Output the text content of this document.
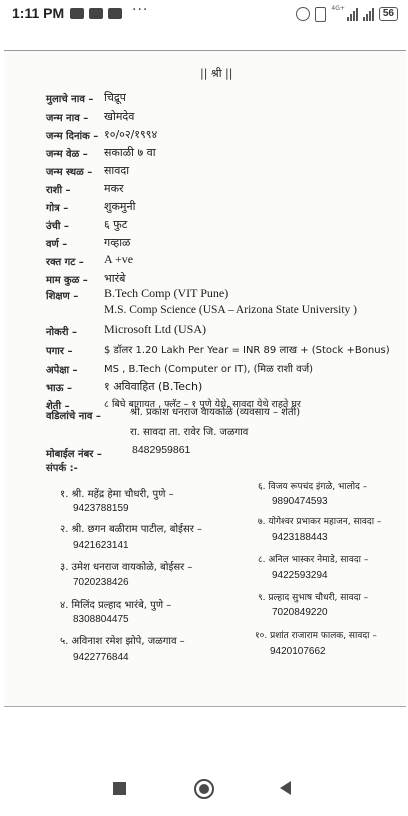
1:11 PM	···	4G+	56
|| श्री ||
मुलाचे नाव – चिद्रूप
जन्म नाव – खोमदेव
जन्म दिनांक – १०/०२/१९९४
जन्म वेळ – सकाळी ७ वा
जन्म स्थळ – सावदा
राशी –	मकर
गोत्र –	शुकमुनी
उंची –	६ फुट
वर्ण –	गव्हाळ
रक्त गट – A +ve
माम कुळ – भारंबे
शिक्षण – B.Tech Comp (VIT Pune)
M.S. Comp Science (USA – Arizona State University )
नोकरी – Microsoft Ltd (USA)
पगार –	$ डॉलर 1.20 Lakh Per Year = INR 89 लाख + (Stock +Bonus)
अपेक्षा –	MS , B.Tech (Computer or IT), (मिळ राशी वर्ज)
भाऊ –	१ अविवाहित (B.Tech)
शेती –	८ बिघे बागायत , फ्लॅट – १ पुणे येथे, सावदा येथे राहते घर
वडिलांचे नाव –	श्री. प्रकाश धनराज वायकोळे (व्यवसाय – शेती)
रा. सावदा ता. रावेर जि. जळगाव
मोबाईल नंबर –	8482959861
संपर्क :-
१. श्री. महेंद्र हेमा चौधरी, पुणे –
9423788159
२. श्री. छगन बळीराम पाटील, बोईसर –
9421623141
३. उमेश धनराज वायकोळे, बोईसर –
7020238426
४. मिलिंद प्रल्हाद भारंबे, पुणे –
8308804475
५. अविनाश रमेश झोपे, जळगाव –
9422776844
६. विजय रूपचंद इंगळे, भालोद –
9890474593
७. योगेश्वर प्रभाकर महाजन, सावदा –
9423188443
८. अनिल भास्कर नेमाडे, सावदा –
9422593294
९. प्रल्हाद सुभाष चौधरी, सावदा –
7020849220
१०. प्रशांत राजाराम फालक, सावदा –
9420107662
